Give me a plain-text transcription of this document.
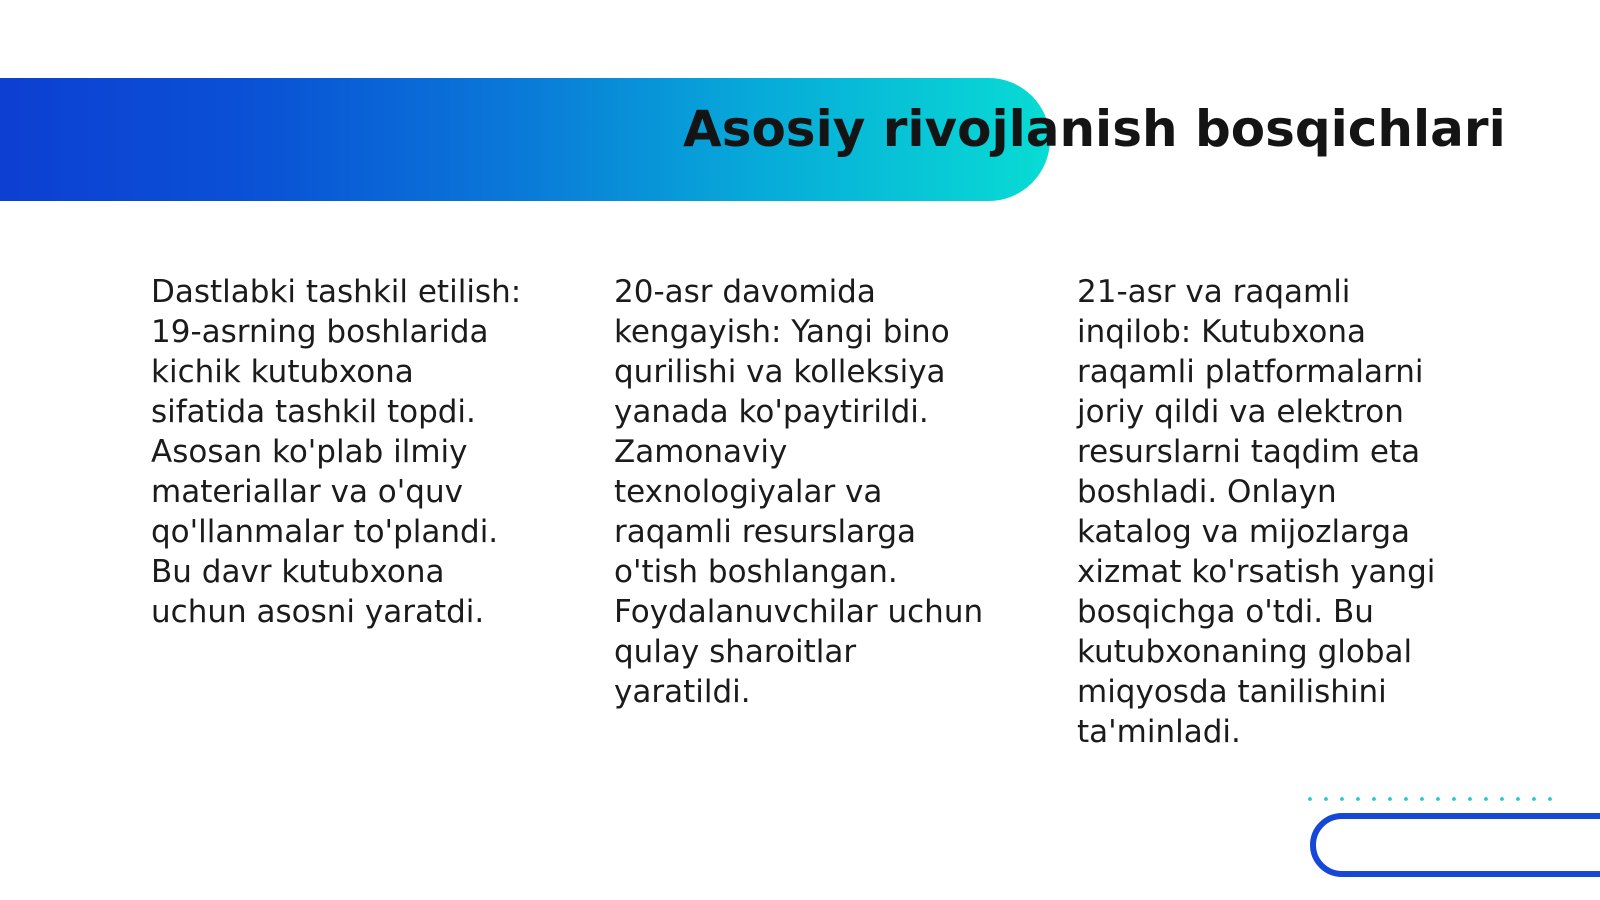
Asosiy rivojlanish bosqichlari

Dastlabki tashkil etilish: 19-asrning boshlarida kichik kutubxona sifatida tashkil topdi. Asosan ko'plab ilmiy materiallar va o'quv qo'llanmalar to'plandi. Bu davr kutubxona uchun asosni yaratdi.

20-asr davomida kengayish: Yangi bino qurilishi va kolleksiya yanada ko'paytirildi. Zamonaviy texnologiyalar va raqamli resurslarga o'tish boshlangan. Foydalanuvchilar uchun qulay sharoitlar yaratildi.

21-asr va raqamli inqilob: Kutubxona raqamli platformalarni joriy qildi va elektron resurslarni taqdim eta boshladi. Onlayn katalog va mijozlarga xizmat ko'rsatish yangi bosqichga o'tdi. Bu kutubxonaning global miqyosda tanilishini ta'minladi.
